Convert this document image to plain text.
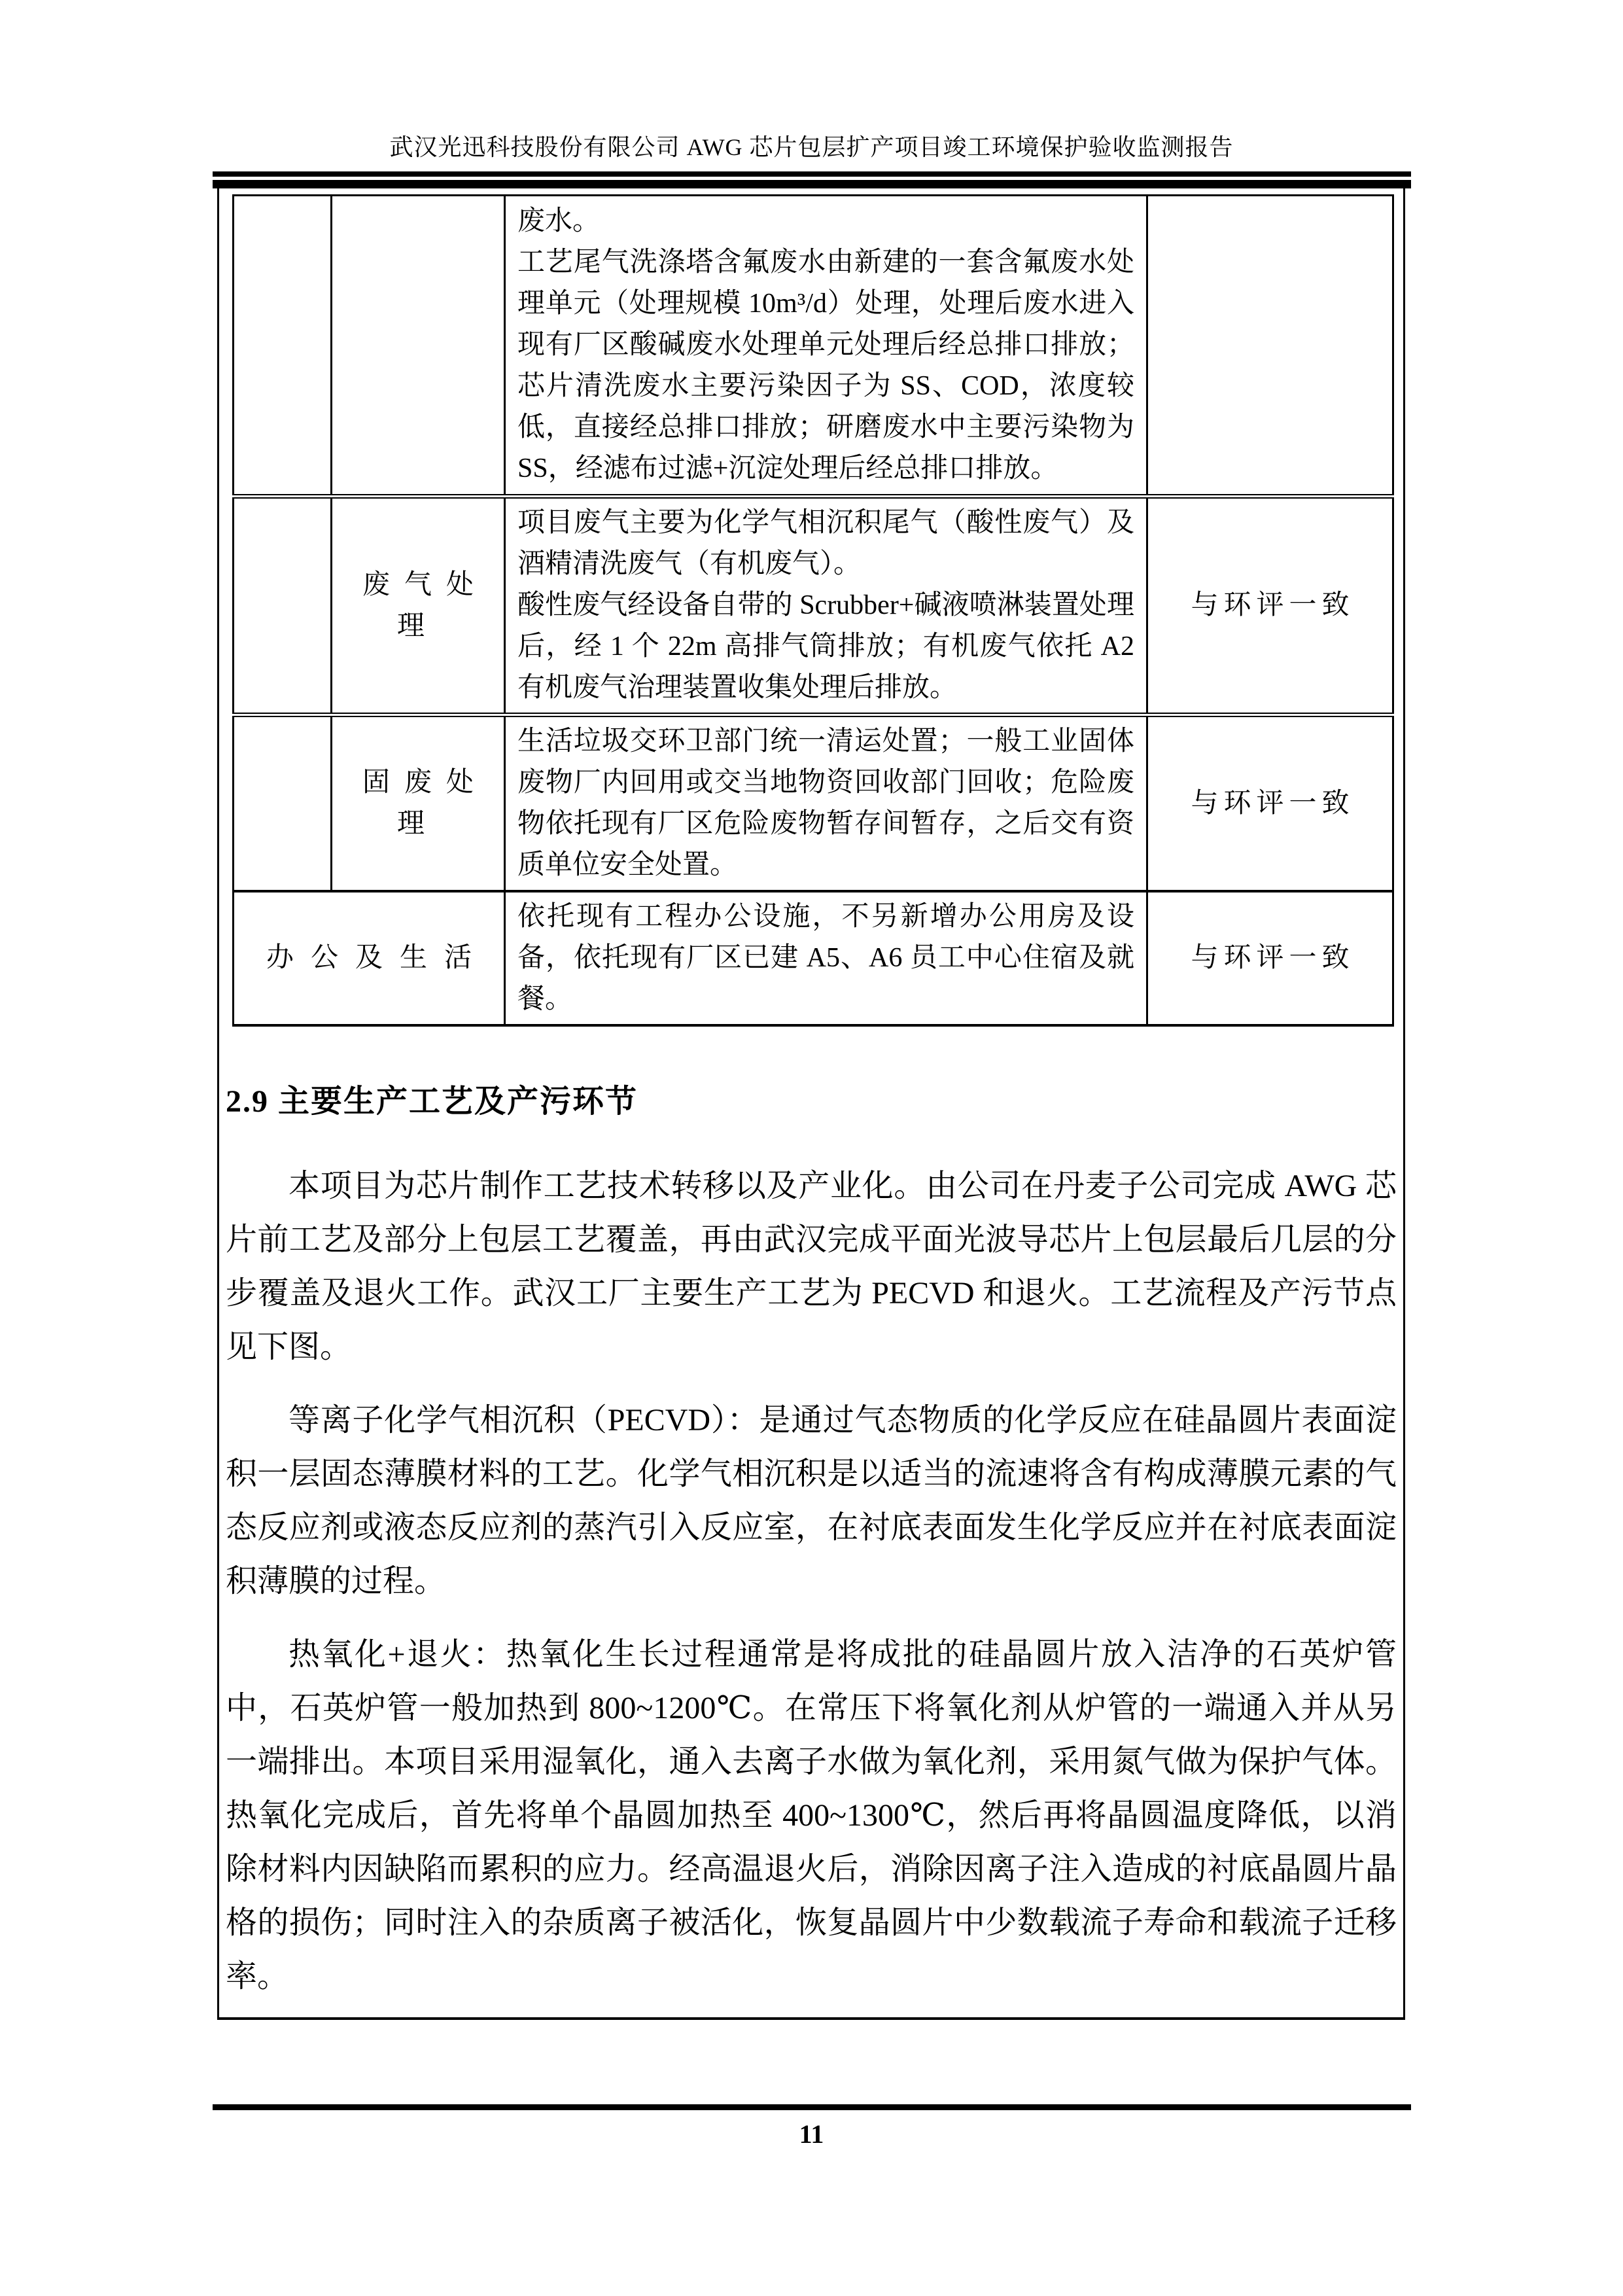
武汉光迅科技股份有限公司 AWG 芯片包层扩产项目竣工环境保护验收监测报告

		废水。

工艺尾气洗涤塔含氟废水由新建的一套含氟废水处理单元（处理规模 10m³/d）处理，处理后废水进入现有厂区酸碱废水处理单元处理后经总排口排放；芯片清洗废水主要污染因子为 SS、COD，浓度较低，直接经总排口排放；研磨废水中主要污染物为 SS，经滤布过滤+沉淀处理后经总排口排放。	

	废气处理	项目废气主要为化学气相沉积尾气（酸性废气）及酒精清洗废气（有机废气）。

酸性废气经设备自带的 Scrubber+碱液喷淋装置处理后，经 1 个 22m 高排气筒排放；有机废气依托 A2 有机废气治理装置收集处理后排放。	与环评一致
	固废处理	生活垃圾交环卫部门统一清运处置；一般工业固体废物厂内回用或交当地物资回收部门回收；危险废物依托现有厂区危险废物暂存间暂存，之后交有资质单位安全处置。	与环评一致
办公及生活		依托现有工程办公设施，不另新增办公用房及设备，依托现有厂区已建 A5、A6 员工中心住宿及就餐。	与环评一致
2.9 主要生产工艺及产污环节

本项目为芯片制作工艺技术转移以及产业化。由公司在丹麦子公司完成 AWG 芯片前工艺及部分上包层工艺覆盖，再由武汉完成平面光波导芯片上包层最后几层的分步覆盖及退火工作。武汉工厂主要生产工艺为 PECVD 和退火。工艺流程及产污节点见下图。

等离子化学气相沉积（PECVD）：是通过气态物质的化学反应在硅晶圆片表面淀积一层固态薄膜材料的工艺。化学气相沉积是以适当的流速将含有构成薄膜元素的气态反应剂或液态反应剂的蒸汽引入反应室，在衬底表面发生化学反应并在衬底表面淀积薄膜的过程。

热氧化+退火：热氧化生长过程通常是将成批的硅晶圆片放入洁净的石英炉管中，石英炉管一般加热到 800~1200℃。在常压下将氧化剂从炉管的一端通入并从另一端排出。本项目采用湿氧化，通入去离子水做为氧化剂，采用氮气做为保护气体。热氧化完成后，首先将单个晶圆加热至 400~1300℃，然后再将晶圆温度降低，以消除材料内因缺陷而累积的应力。经高温退火后，消除因离子注入造成的衬底晶圆片晶格的损伤；同时注入的杂质离子被活化，恢复晶圆片中少数载流子寿命和载流子迁移率。

11
